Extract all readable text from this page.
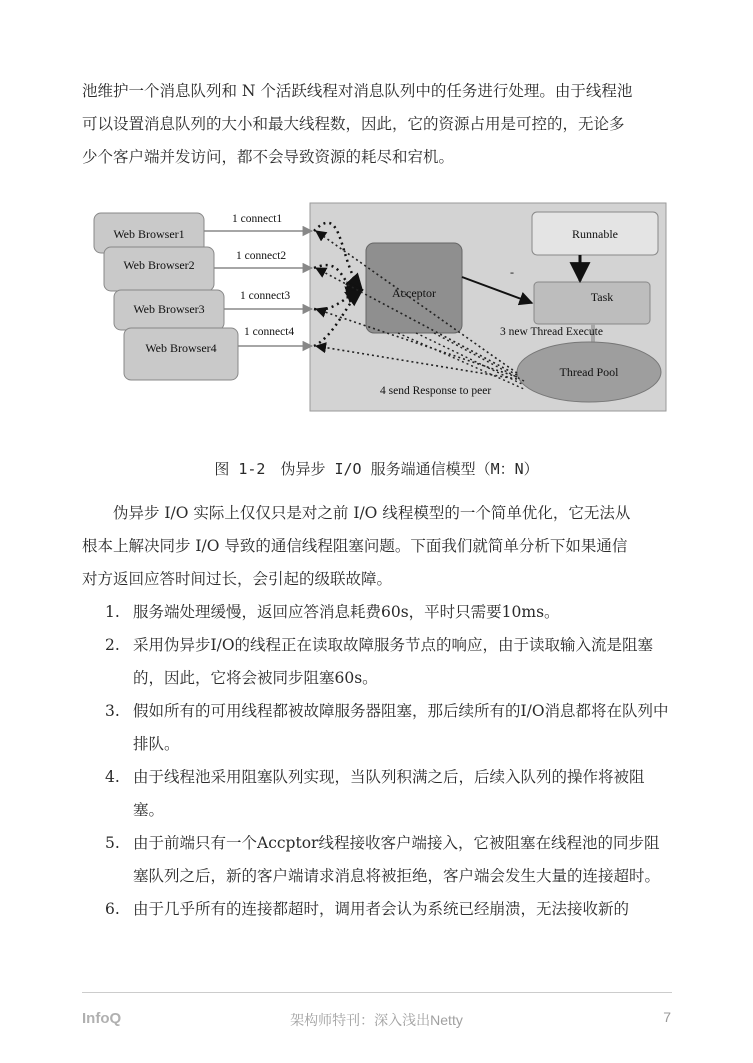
池维护一个消息队列和 N 个活跃线程对消息队列中的任务进行处理。由于线程池

可以设置消息队列的大小和最大线程数，因此，它的资源占用是可控的，无论多

少个客户端并发访问，都不会导致资源的耗尽和宕机。

Web Browser1
Web Browser2
Web Browser3
Web Browser4
1 connect1
1 connect2
1 connect3
1 connect4
Acceptor
Runnable
Task
-
Thread Pool
3 new Thread Execute
4 send Response to peer
图 1-2　伪异步 I/O 服务端通信模型（M：N）

伪异步 I/O 实际上仅仅只是对之前 I/O 线程模型的一个简单优化，它无法从

根本上解决同步 I/O 导致的通信线程阻塞问题。下面我们就简单分析下如果通信

对方返回应答时间过长，会引起的级联故障。

1. 服务端处理缓慢，返回应答消息耗费60s，平时只需要10ms。
2. 采用伪异步I/O的线程正在读取故障服务节点的响应，由于读取输入流是阻塞的，因此，它将会被同步阻塞60s。
3. 假如所有的可用线程都被故障服务器阻塞，那后续所有的I/O消息都将在队列中排队。
4. 由于线程池采用阻塞队列实现，当队列积满之后，后续入队列的操作将被阻塞。
5. 由于前端只有一个Accptor线程接收客户端接入，它被阻塞在线程池的同步阻塞队列之后，新的客户端请求消息将被拒绝，客户端会发生大量的连接超时。
6. 由于几乎所有的连接都超时，调用者会认为系统已经崩溃，无法接收新的
InfoQ	架构师特刊：深入浅出Netty	7
